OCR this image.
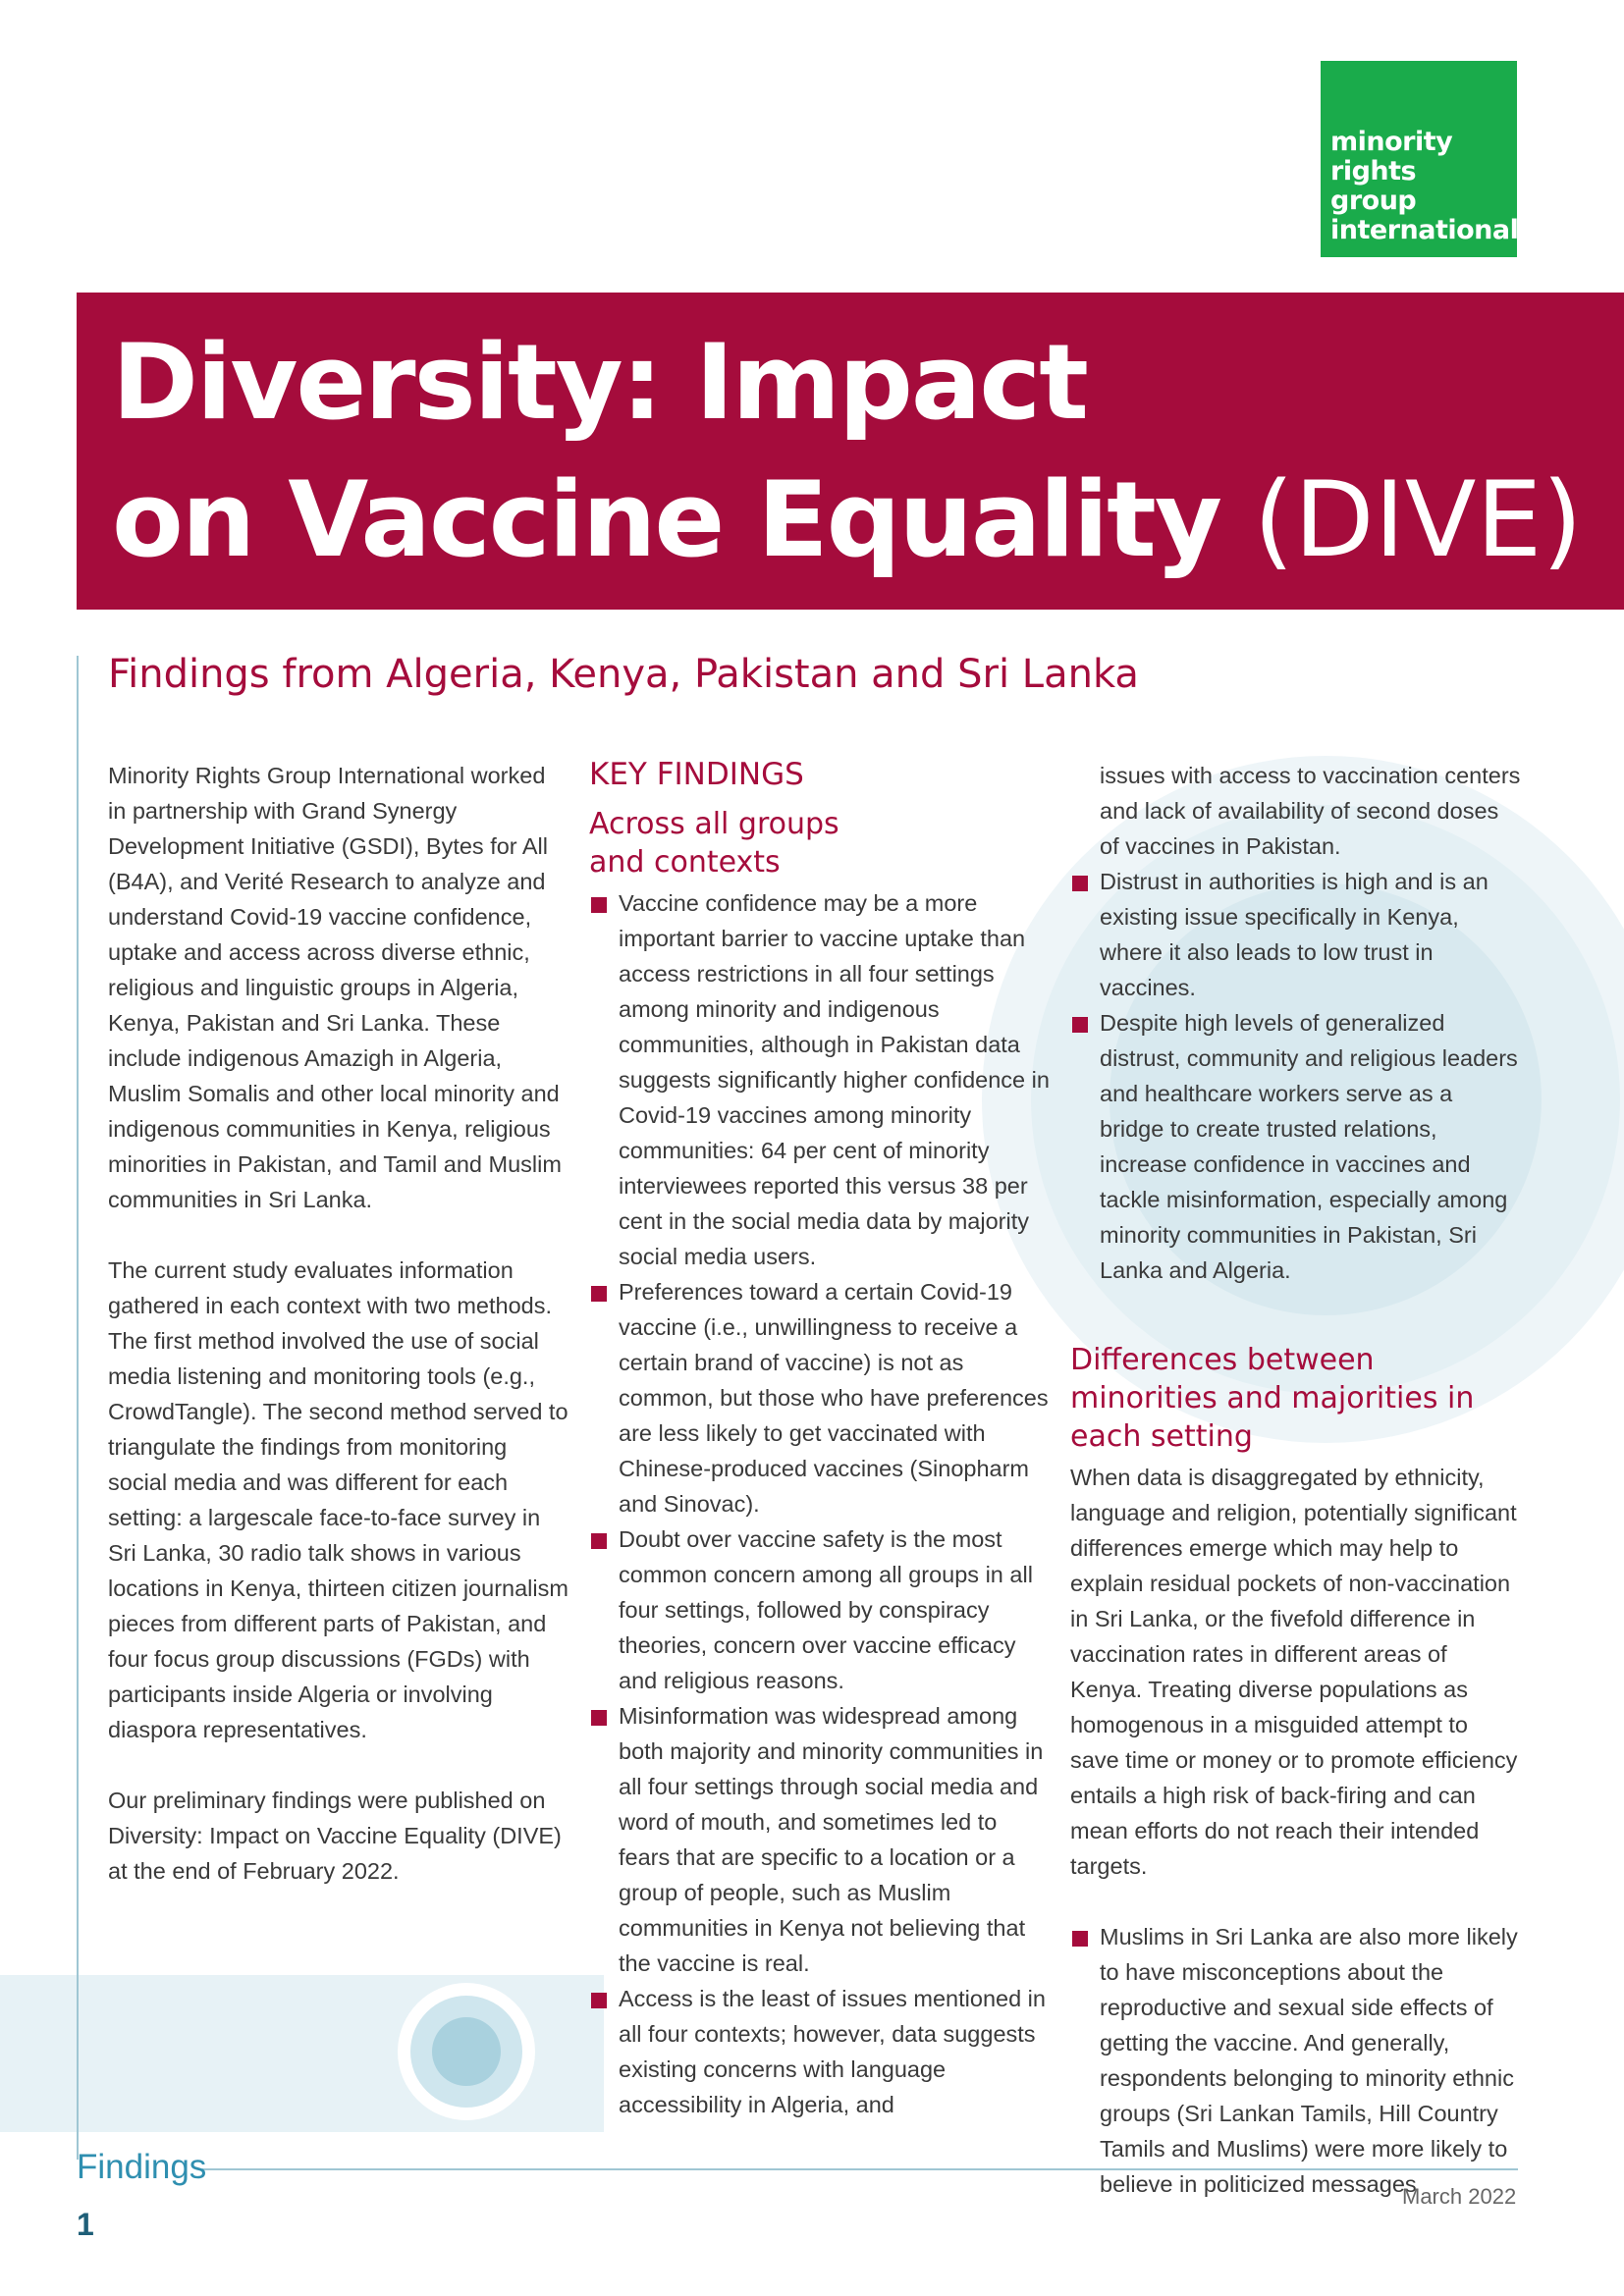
minority
rights
group
international
Diversity: Impact
on Vaccine Equality (DIVE)
Findings from Algeria, Kenya, Pakistan and Sri Lanka

Minority Rights Group International worked in partnership with Grand Synergy Development Initiative (GSDI), Bytes for All (B4A), and Verité Research to analyze and understand Covid-19 vaccine confidence, uptake and access across diverse ethnic, religious and linguistic groups in Algeria, Kenya, Pakistan and Sri Lanka. These include indigenous Amazigh in Algeria, Muslim Somalis and other local minority and indigenous communities in Kenya, religious minorities in Pakistan, and Tamil and Muslim communities in Sri Lanka.

The current study evaluates information gathered in each context with two methods. The first method involved the use of social media listening and monitoring tools (e.g., CrowdTangle). The second method served to triangulate the findings from monitoring social media and was different for each setting: a largescale face-to-face survey in Sri Lanka, 30 radio talk shows in various locations in Kenya, thirteen citizen journalism pieces from different parts of Pakistan, and four focus group discussions (FGDs) with participants inside Algeria or involving diaspora representatives.

Our preliminary findings were published on Diversity: Impact on Vaccine Equality (DIVE) at the end of February 2022.

KEY FINDINGS
Across all groups and contexts
Vaccine confidence may be a more important barrier to vaccine uptake than access restrictions in all four settings among minority and indigenous communities, although in Pakistan data suggests significantly higher confidence in Covid-19 vaccines among minority communities: 64 per cent of minority interviewees reported this versus 38 per cent in the social media data by majority social media users.
Preferences toward a certain Covid-19 vaccine (i.e., unwillingness to receive a certain brand of vaccine) is not as common, but those who have preferences are less likely to get vaccinated with Chinese-produced vaccines (Sinopharm and Sinovac).
Doubt over vaccine safety is the most common concern among all groups in all four settings, followed by conspiracy theories, concern over vaccine efficacy and religious reasons.
Misinformation was widespread among both majority and minority communities in all four settings through social media and word of mouth, and sometimes led to fears that are specific to a location or a group of people, such as Muslim communities in Kenya not believing that the vaccine is real.
Access is the least of issues mentioned in all four contexts; however, data suggests existing concerns with language accessibility in Algeria, and
issues with access to vaccination centers and lack of availability of second doses of vaccines in Pakistan.
Distrust in authorities is high and is an existing issue specifically in Kenya, where it also leads to low trust in vaccines.
Despite high levels of generalized distrust, community and religious leaders and healthcare workers serve as a bridge to create trusted relations, increase confidence in vaccines and tackle misinformation, especially among minority communities in Pakistan, Sri Lanka and Algeria.
Differences between minorities and majorities in each setting

When data is disaggregated by ethnicity, language and religion, potentially significant differences emerge which may help to explain residual pockets of non-vaccination in Sri Lanka, or the fivefold difference in vaccination rates in different areas of Kenya. Treating diverse populations as homogenous in a misguided attempt to save time or money or to promote efficiency entails a high risk of back-firing and can mean efforts do not reach their intended targets.

Muslims in Sri Lanka are also more likely to have misconceptions about the reproductive and sexual side effects of getting the vaccine. And generally, respondents belonging to minority ethnic groups (Sri Lankan Tamils, Hill Country Tamils and Muslims) were more likely to believe in politicized messages
Findings
1
March 2022
